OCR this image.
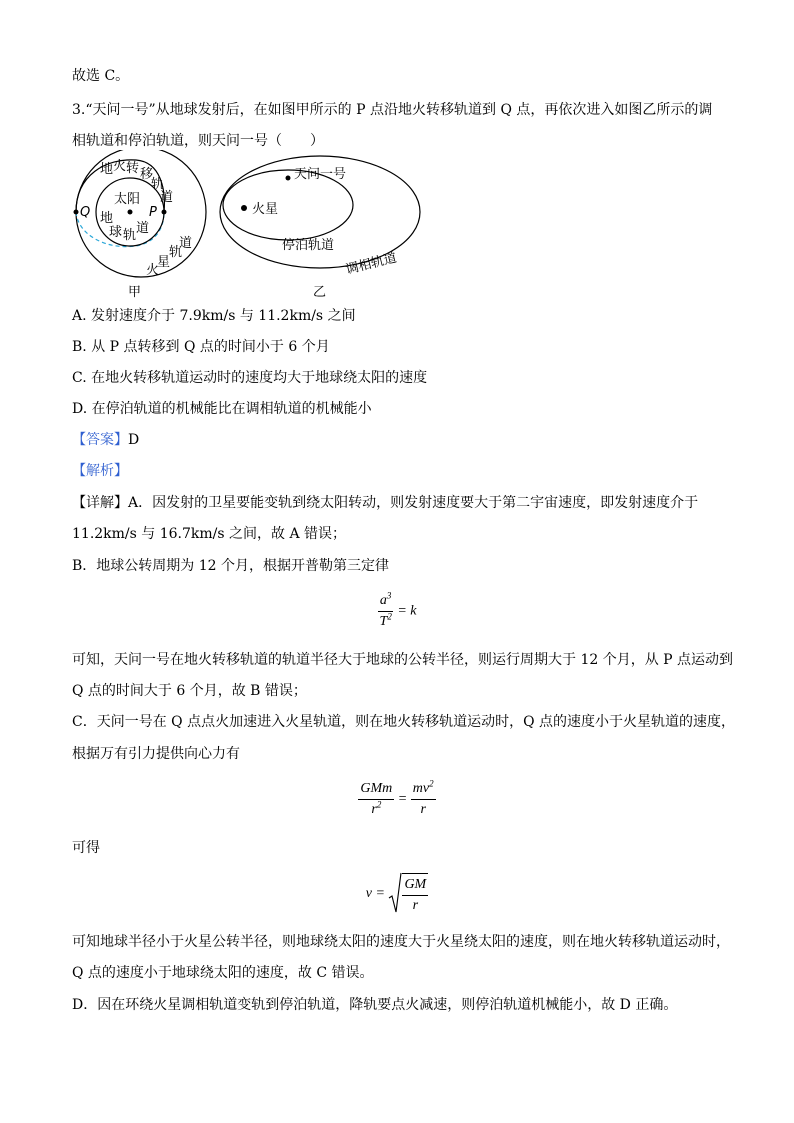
故选 C。
3.“天问一号”从地球发射后，在如图甲所示的 P 点沿地火转移轨道到 Q 点，再依次进入如图乙所示的调
相轨道和停泊轨道，则天问一号（　　）
太阳
P
Q
地 火 转 移
轨
道
地
球 轨 道
火
星
轨
道
甲
天问一号
火星
停泊轨道
调相轨道
乙
A. 发射速度介于 7.9km/s 与 11.2km/s 之间
B. 从 P 点转移到 Q 点的时间小于 6 个月
C. 在地火转移轨道运动时的速度均大于地球绕太阳的速度
D. 在停泊轨道的机械能比在调相轨道的机械能小
【答案】D
【解析】
【详解】A．因发射的卫星要能变轨到绕太阳转动，则发射速度要大于第二宇宙速度，即发射速度介于
11.2km/s 与 16.7km/s 之间，故 A 错误；
B．地球公转周期为 12 个月，根据开普勒第三定律
$\frac{a^3}{T^2} = k$
可知，天问一号在地火转移轨道的轨道半径大于地球的公转半径，则运行周期大于 12 个月，从 P 点运动到
Q 点的时间大于 6 个月，故 B 错误；
C．天问一号在 Q 点点火加速进入火星轨道，则在地火转移轨道运动时，Q 点的速度小于火星轨道的速度，
根据万有引力提供向心力有
$\frac{\text{GMm}}{r^2} = \frac{mv^2}{r}$
可得
$v = \frac{GM}{r}$
可知地球半径小于火星公转半径，则地球绕太阳的速度大于火星绕太阳的速度，则在地火转移轨道运动时，
Q 点的速度小于地球绕太阳的速度，故 C 错误。
D．因在环绕火星调相轨道变轨到停泊轨道，降轨要点火减速，则停泊轨道机械能小，故 D 正确。
